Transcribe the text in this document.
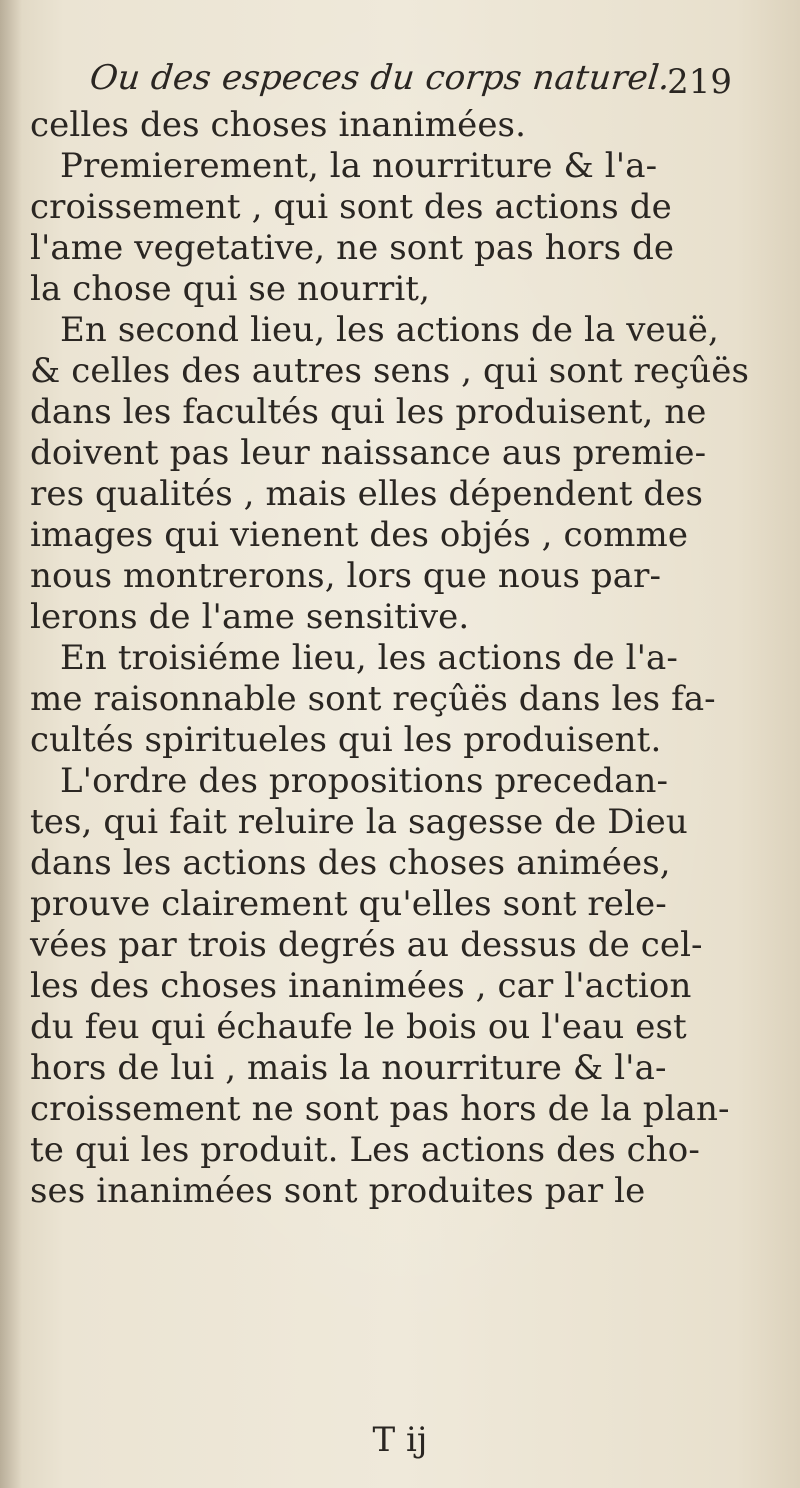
Ou des especes du corps naturel.
219
celles des choses inanimées.
Premierement, la nourriture & l'a-
croissement , qui sont des actions de
l'ame vegetative, ne sont pas hors de
la chose qui se nourrit,
En second lieu, les actions de la veuë,
& celles des autres sens , qui sont reçûës
dans les facultés qui les produisent, ne
doivent pas leur naissance aus premie-
res qualités , mais elles dépendent des
images qui vienent des objés , comme
nous montrerons, lors que nous par-
lerons de l'ame sensitive.
En troisiéme lieu, les actions de l'a-
me raisonnable sont reçûës dans les fa-
cultés spiritueles qui les produisent.
L'ordre des propositions precedan-
tes, qui fait reluire la sagesse de Dieu
dans les actions des choses animées,
prouve clairement qu'elles sont rele-
vées par trois degrés au dessus de cel-
les des choses inanimées , car l'action
du feu qui échaufe le bois ou l'eau est
hors de lui , mais la nourriture & l'a-
croissement ne sont pas hors de la plan-
te qui les produit. Les actions des cho-
ses inanimées sont produites par le
T ij
